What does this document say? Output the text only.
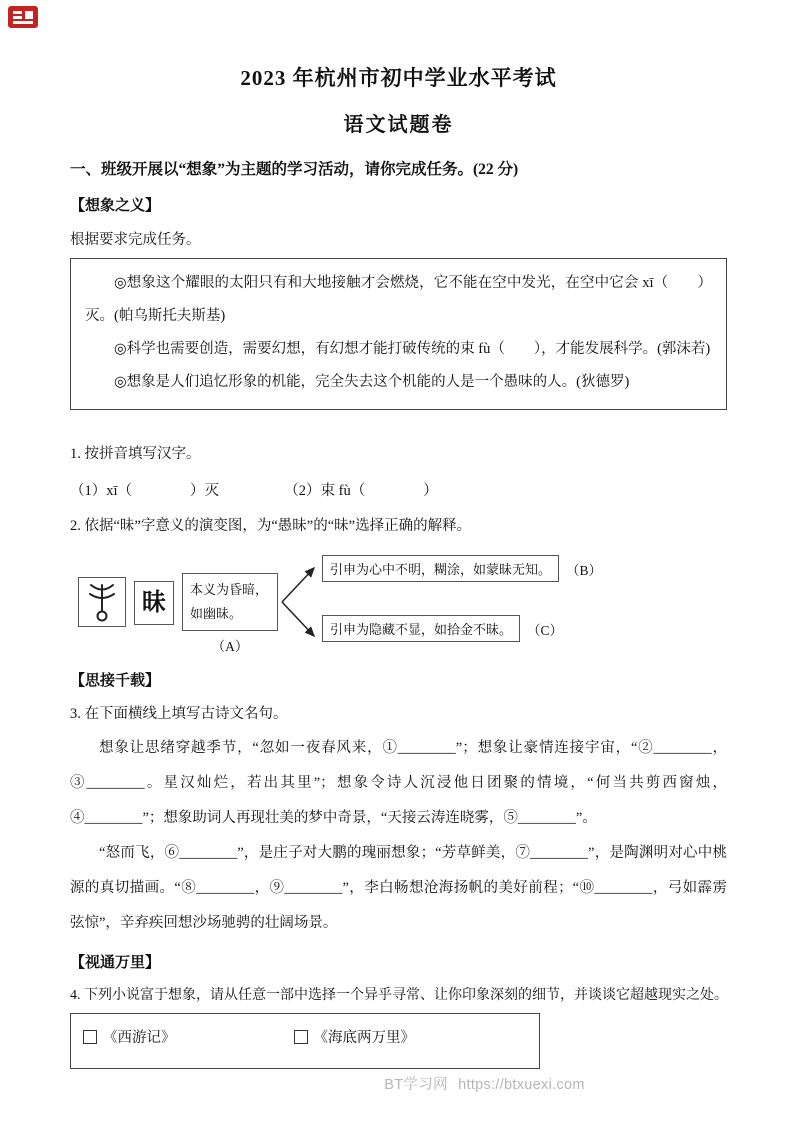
2023 年杭州市初中学业水平考试
语文试题卷

一、班级开展以“想象”为主题的学习活动，请你完成任务。(22 分)

【想象之义】

根据要求完成任务。

◎想象这个耀眼的太阳只有和大地接触才会燃烧，它不能在空中发光，在空中它会 xī（　　）灭。(帕乌斯托夫斯基)

◎科学也需要创造，需要幻想，有幻想才能打破传统的束 fù（　　），才能发展科学。(郭沫若)

◎想象是人们追忆形象的机能，完全失去这个机能的人是一个愚味的人。(狄德罗)

1. 按拼音填写汉字。

（1）xī（　　　　）灭　　　　　（2）束 fù（　　　　）

2. 依据“昧”字意义的演变图，为“愚昧”的“昧”选择正确的解释。

昧
本义为昏暗，如幽昧。
（A）
引申为心中不明，糊涂，如蒙昧无知。	（B）
引申为隐藏不显，如拾金不昧。	（C）

【思接千载】

3. 在下面横线上填写古诗文名句。

想象让思绪穿越季节，“忽如一夜春风来，①________”；想象让豪情连接宇宙，“②________，③________。星汉灿烂，若出其里”；想象令诗人沉浸他日团聚的情境，“何当共剪西窗烛，④________”；想象助词人再现壮美的梦中奇景，“天接云涛连晓雾，⑤________”。

“怒而飞，⑥________”，是庄子对大鹏的瑰丽想象；“芳草鲜美，⑦________”，是陶渊明对心中桃源的真切描画。“⑧________，⑨________”，李白畅想沧海扬帆的美好前程；“⑩________，弓如霹雳弦惊”，辛弃疾回想沙场驰骋的壮阔场景。

【视通万里】

4. 下列小说富于想象，请从任意一部中选择一个异乎寻常、让你印象深刻的细节，并谈谈它超越现实之处。

《西游记》	《海底两万里》
BT学习网 https://btxuexi.com
